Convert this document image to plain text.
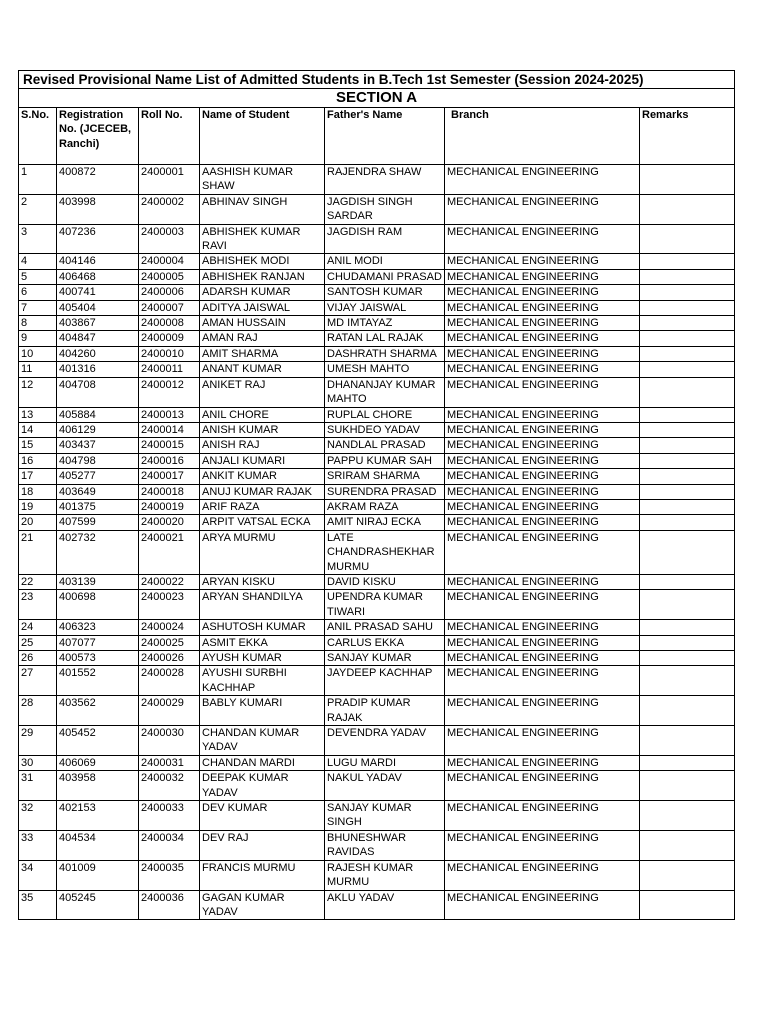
Revised Provisional Name List of Admitted Students in B.Tech 1st Semester (Session 2024-2025)						
SECTION A						
S.No.	Registration No. (JCECEB, Ranchi)	Roll No.	Name of Student	Father's Name	Branch	Remarks
1	400872	2400001	AASHISH KUMAR SHAW	RAJENDRA SHAW	MECHANICAL ENGINEERING	
2	403998	2400002	ABHINAV SINGH	JAGDISH SINGH SARDAR	MECHANICAL ENGINEERING	
3	407236	2400003	ABHISHEK KUMAR RAVI	JAGDISH RAM	MECHANICAL ENGINEERING	
4	404146	2400004	ABHISHEK MODI	ANIL MODI	MECHANICAL ENGINEERING	
5	406468	2400005	ABHISHEK RANJAN	CHUDAMANI PRASAD	MECHANICAL ENGINEERING	
6	400741	2400006	ADARSH KUMAR	SANTOSH KUMAR	MECHANICAL ENGINEERING	
7	405404	2400007	ADITYA JAISWAL	VIJAY JAISWAL	MECHANICAL ENGINEERING	
8	403867	2400008	AMAN HUSSAIN	MD IMTAYAZ	MECHANICAL ENGINEERING	
9	404847	2400009	AMAN RAJ	RATAN LAL RAJAK	MECHANICAL ENGINEERING	
10	404260	2400010	AMIT SHARMA	DASHRATH SHARMA	MECHANICAL ENGINEERING	
11	401316	2400011	ANANT KUMAR	UMESH MAHTO	MECHANICAL ENGINEERING	
12	404708	2400012	ANIKET RAJ	DHANANJAY KUMAR MAHTO	MECHANICAL ENGINEERING	
13	405884	2400013	ANIL CHORE	RUPLAL CHORE	MECHANICAL ENGINEERING	
14	406129	2400014	ANISH KUMAR	SUKHDEO YADAV	MECHANICAL ENGINEERING	
15	403437	2400015	ANISH RAJ	NANDLAL PRASAD	MECHANICAL ENGINEERING	
16	404798	2400016	ANJALI KUMARI	PAPPU KUMAR SAH	MECHANICAL ENGINEERING	
17	405277	2400017	ANKIT KUMAR	SRIRAM SHARMA	MECHANICAL ENGINEERING	
18	403649	2400018	ANUJ KUMAR RAJAK	SURENDRA PRASAD	MECHANICAL ENGINEERING	
19	401375	2400019	ARIF RAZA	AKRAM RAZA	MECHANICAL ENGINEERING	
20	407599	2400020	ARPIT VATSAL ECKA	AMIT NIRAJ ECKA	MECHANICAL ENGINEERING	
21	402732	2400021	ARYA MURMU	LATE CHANDRASHEKHAR MURMU	MECHANICAL ENGINEERING	
22	403139	2400022	ARYAN KISKU	DAVID KISKU	MECHANICAL ENGINEERING	
23	400698	2400023	ARYAN SHANDILYA	UPENDRA KUMAR TIWARI	MECHANICAL ENGINEERING	
24	406323	2400024	ASHUTOSH KUMAR	ANIL PRASAD SAHU	MECHANICAL ENGINEERING	
25	407077	2400025	ASMIT EKKA	CARLUS EKKA	MECHANICAL ENGINEERING	
26	400573	2400026	AYUSH KUMAR	SANJAY KUMAR	MECHANICAL ENGINEERING	
27	401552	2400028	AYUSHI SURBHI KACHHAP	JAYDEEP KACHHAP	MECHANICAL ENGINEERING	
28	403562	2400029	BABLY KUMARI	PRADIP KUMAR RAJAK	MECHANICAL ENGINEERING	
29	405452	2400030	CHANDAN KUMAR YADAV	DEVENDRA YADAV	MECHANICAL ENGINEERING	
30	406069	2400031	CHANDAN MARDI	LUGU MARDI	MECHANICAL ENGINEERING	
31	403958	2400032	DEEPAK KUMAR YADAV	NAKUL YADAV	MECHANICAL ENGINEERING	
32	402153	2400033	DEV KUMAR	SANJAY KUMAR SINGH	MECHANICAL ENGINEERING	
33	404534	2400034	DEV RAJ	BHUNESHWAR RAVIDAS	MECHANICAL ENGINEERING	
34	401009	2400035	FRANCIS MURMU	RAJESH KUMAR MURMU	MECHANICAL ENGINEERING	
35	405245	2400036	GAGAN KUMAR YADAV	AKLU YADAV	MECHANICAL ENGINEERING	
